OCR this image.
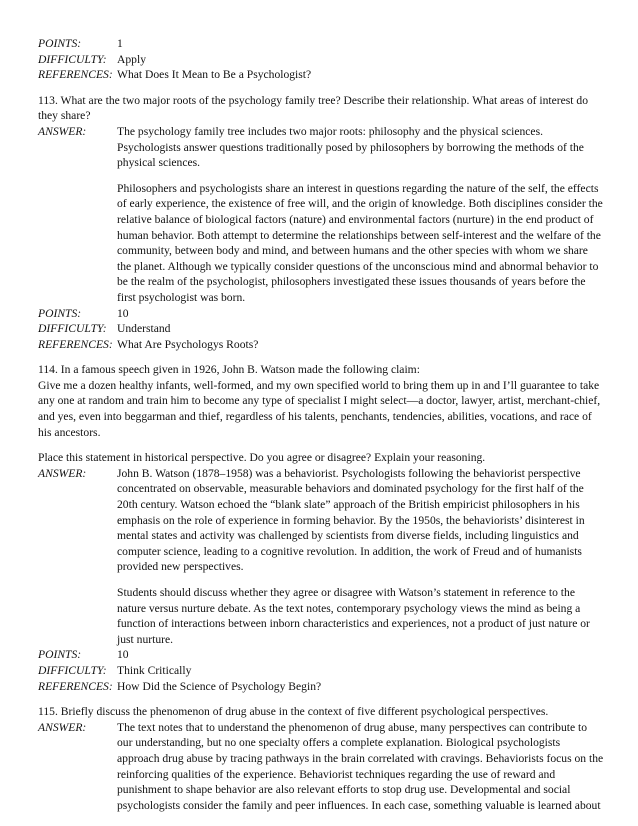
POINTS:	1
DIFFICULTY: Apply
REFERENCES: What Does It Mean to Be a Psychologist?

113. What are the two major roots of the psychology family tree? Describe their relationship. What areas of interest do they share?

ANSWER:	The psychology family tree includes two major roots: philosophy and the physical sciences. Psychologists answer questions traditionally posed by philosophers by borrowing the methods of the physical sciences.

Philosophers and psychologists share an interest in questions regarding the nature of the self, the effects of early experience, the existence of free will, and the origin of knowledge. Both disciplines consider the relative balance of biological factors (nature) and environmental factors (nurture) in the end product of human behavior. Both attempt to determine the relationships between self-interest and the welfare of the community, between body and mind, and between humans and the other species with whom we share the planet. Although we typically consider questions of the unconscious mind and abnormal behavior to be the realm of the psychologist, philosophers investigated these issues thousands of years before the first psychologist was born.

POINTS:	10
DIFFICULTY: Understand
REFERENCES: What Are Psychologys Roots?

114. In a famous speech given in 1926, John B. Watson made the following claim:

Give me a dozen healthy infants, well-formed, and my own specified world to bring them up in and I’ll guarantee to take any one at random and train him to become any type of specialist I might select—a doctor, lawyer, artist, merchant-chief, and yes, even into beggarman and thief, regardless of his talents, penchants, tendencies, abilities, vocations, and race of his ancestors.

Place this statement in historical perspective. Do you agree or disagree? Explain your reasoning.

ANSWER:	John B. Watson (1878–1958) was a behaviorist. Psychologists following the behaviorist perspective concentrated on observable, measurable behaviors and dominated psychology for the first half of the 20th century. Watson echoed the “blank slate” approach of the British empiricist philosophers in his emphasis on the role of experience in forming behavior. By the 1950s, the behaviorists’ disinterest in mental states and activity was challenged by scientists from diverse fields, including linguistics and computer science, leading to a cognitive revolution. In addition, the work of Freud and of humanists provided new perspectives.

Students should discuss whether they agree or disagree with Watson’s statement in reference to the nature versus nurture debate. As the text notes, contemporary psychology views the mind as being a function of interactions between inborn characteristics and experiences, not a product of just nature or just nurture.

POINTS:	10
DIFFICULTY: Think Critically
REFERENCES: How Did the Science of Psychology Begin?

115. Briefly discuss the phenomenon of drug abuse in the context of five different psychological perspectives.

ANSWER:	The text notes that to understand the phenomenon of drug abuse, many perspectives can contribute to our understanding, but no one specialty offers a complete explanation. Biological psychologists approach drug abuse by tracing pathways in the brain correlated with cravings. Behaviorists focus on the reinforcing qualities of the experience. Behaviorist techniques regarding the use of reward and punishment to shape behavior are also relevant efforts to stop drug use. Developmental and social psychologists consider the family and peer influences. In each case, something valuable is learned about
